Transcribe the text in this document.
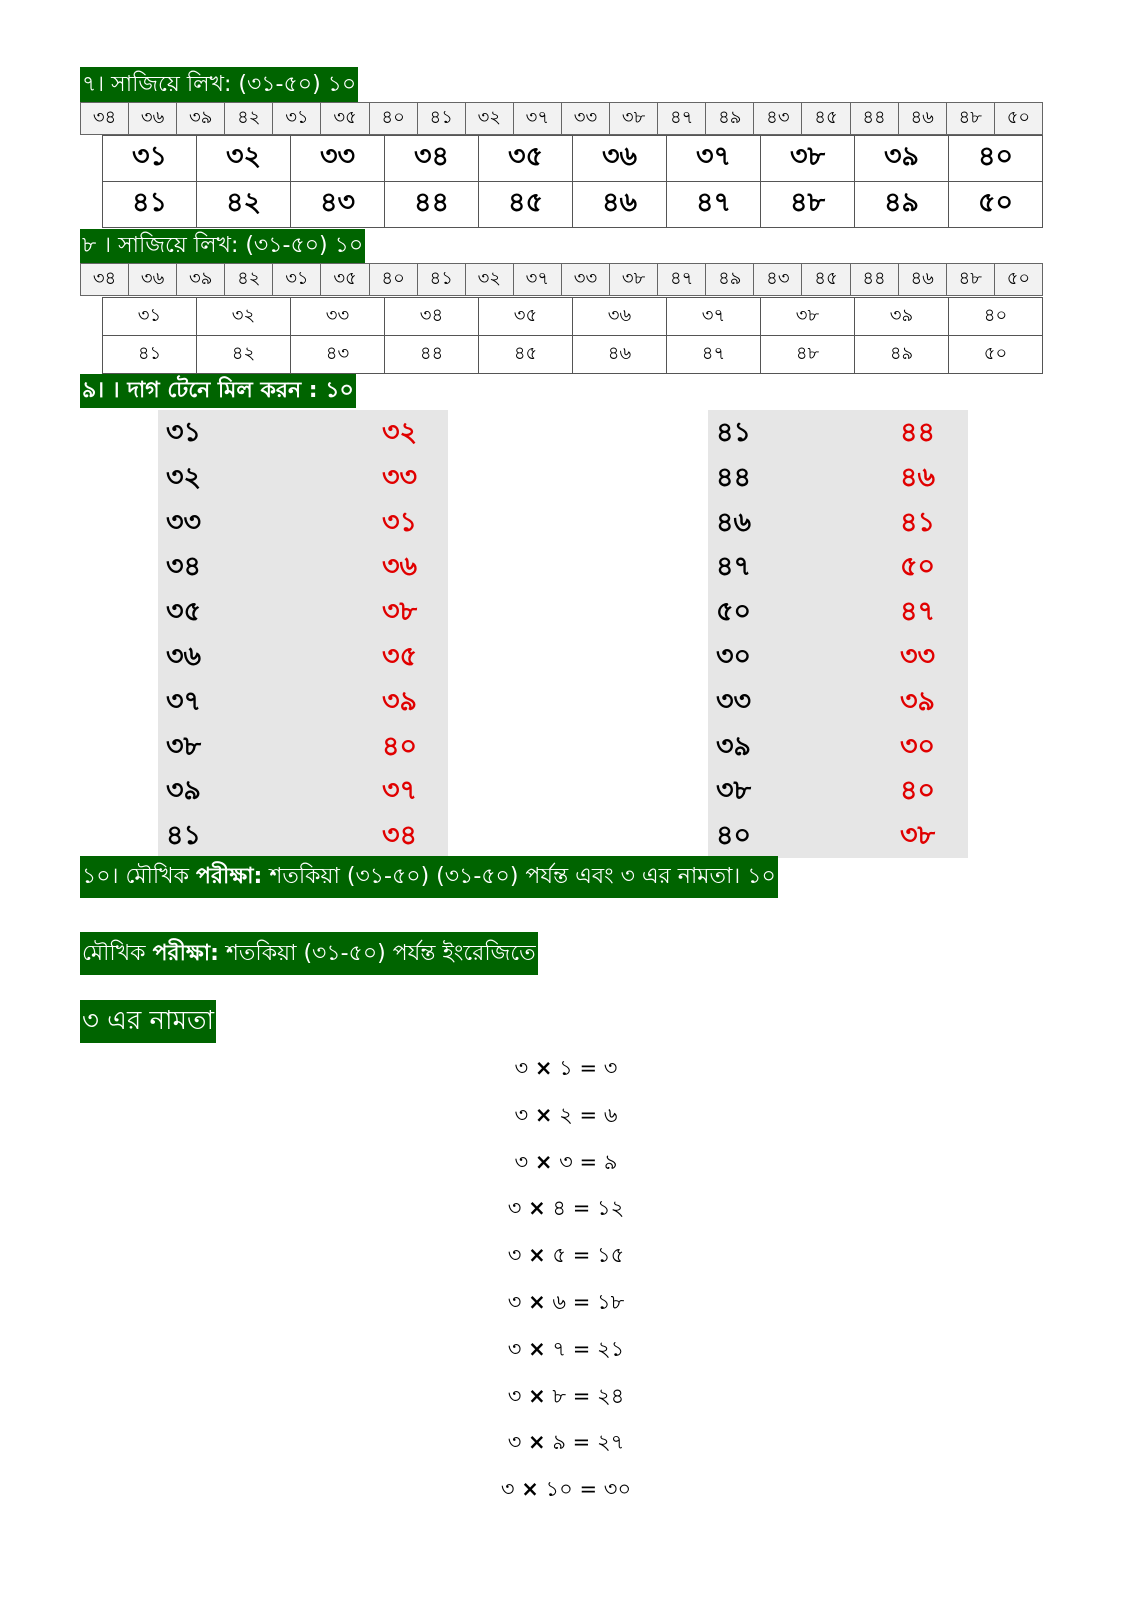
৭। সাজিয়ে লিখ: (৩১-৫০) ১০
৩৪	৩৬	৩৯	৪২	৩১	৩৫	৪০	৪১	৩২	৩৭	৩৩	৩৮	৪৭	৪৯	৪৩	৪৫	৪৪	৪৬	৪৮	৫০
৩১	৩২	৩৩	৩৪	৩৫	৩৬	৩৭	৩৮	৩৯	৪০
৪১	৪২	৪৩	৪৪	৪৫	৪৬	৪৭	৪৮	৪৯	৫০
৮ । সাজিয়ে লিখ: (৩১-৫০) ১০
৩৪	৩৬	৩৯	৪২	৩১	৩৫	৪০	৪১	৩২	৩৭	৩৩	৩৮	৪৭	৪৯	৪৩	৪৫	৪৪	৪৬	৪৮	৫০
৩১	৩২	৩৩	৩৪	৩৫	৩৬	৩৭	৩৮	৩৯	৪০
৪১	৪২	৪৩	৪৪	৪৫	৪৬	৪৭	৪৮	৪৯	৫০
৯। । দাগ টেনে মিল করন : ১০
৩১	৩২
৩২	৩৩
৩৩	৩১
৩৪	৩৬
৩৫	৩৮
৩৬	৩৫
৩৭	৩৯
৩৮	৪০
৩৯	৩৭
৪১	৩৪
৪১	৪৪
৪৪	৪৬
৪৬	৪১
৪৭	৫০
৫০	৪৭
৩০	৩৩
৩৩	৩৯
৩৯	৩০
৩৮	৪০
৪০	৩৮
১০। মৌখিক পরীক্ষা: শতকিয়া (৩১-৫০) (৩১-৫০) পর্যন্ত এবং ৩ এর নামতা। ১০
মৌখিক পরীক্ষা: শতকিয়া (৩১-৫০) পর্যন্ত ইংরেজিতে
৩ এর নামতা
৩ × ১ = ৩
৩ × ২ = ৬
৩ × ৩ = ৯
৩ × ৪ = ১২
৩ × ৫ = ১৫
৩ × ৬ = ১৮
৩ × ৭ = ২১
৩ × ৮ = ২৪
৩ × ৯ = ২৭
৩ × ১০ = ৩০
